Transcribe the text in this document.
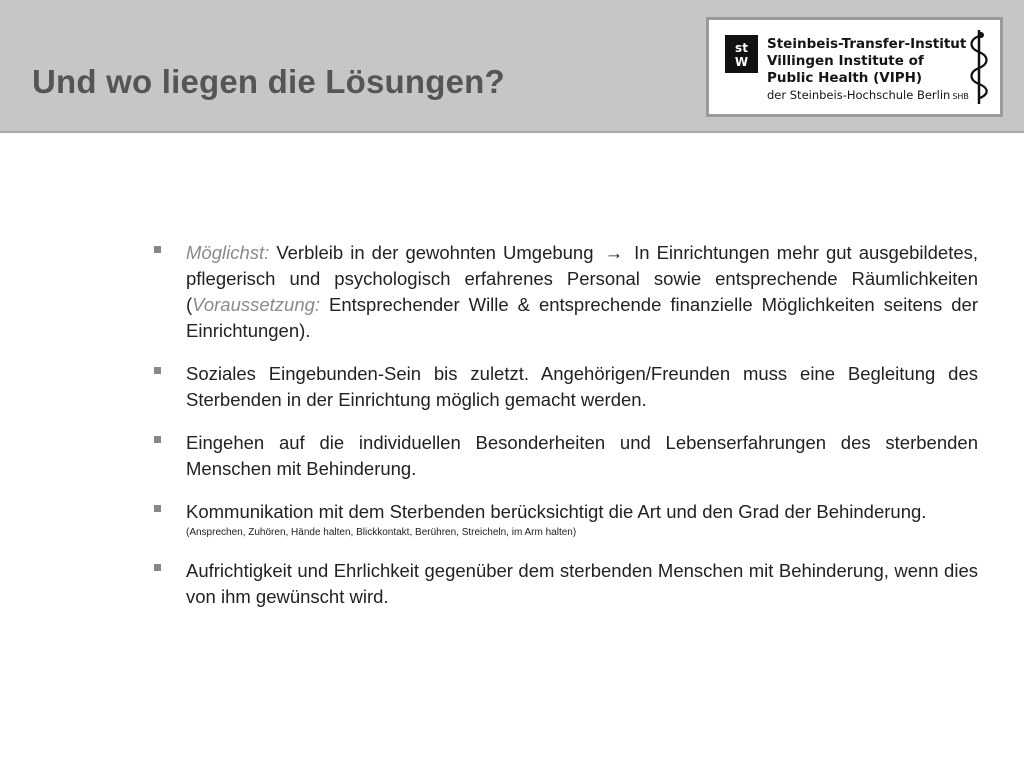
Und wo liegen die Lösungen?
st
W
Steinbeis-Transfer-Institut
Villingen Institute of
Public Health (VIPH)
der Steinbeis-Hochschule Berlin SHB
Möglichst: Verbleib in der gewohnten Umgebung → In Einrichtungen mehr gut ausgebildetes, pflegerisch und psychologisch erfahrenes Personal sowie entsprechende Räumlichkeiten (Voraussetzung: Entsprechender Wille & entsprechende finanzielle Möglichkeiten seitens der Einrichtungen).
Soziales Eingebunden-Sein bis zuletzt. Angehörigen/Freunden muss eine Begleitung des Sterbenden in der Einrichtung möglich gemacht werden.
Eingehen auf die individuellen Besonderheiten und Lebenserfahrungen des sterbenden Menschen mit Behinderung.
Kommunikation mit dem Sterbenden berücksichtigt die Art und den Grad der Behinderung.
(Ansprechen, Zuhören, Hände halten, Blickkontakt, Berühren, Streicheln, im Arm halten)
Aufrichtigkeit und Ehrlichkeit gegenüber dem sterbenden Menschen mit Behinderung, wenn dies von ihm gewünscht wird.
